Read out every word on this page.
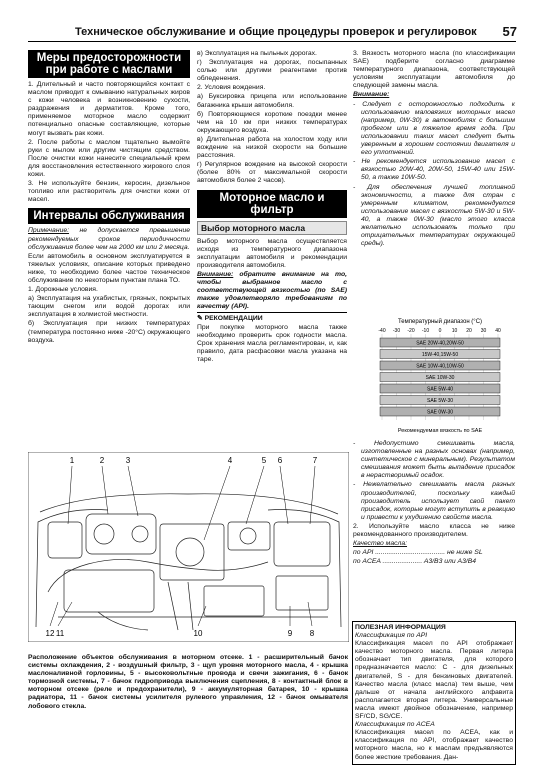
Техническое обслуживание и общие процедуры проверок и регулировок 57
Меры предосторожности при работе с маслами

1. Длительный и часто повторяющийся контакт с маслом приводит к смыванию натуральных жиров с кожи человека и возникновению сухости, раздражения и дерматитов. Кроме того, применяемое моторное масло содержит потенциально опасные составляющие, которые могут вызвать рак кожи.

2. После работы с маслом тщательно вымойте руки с мылом или другим чистящим средством. После очистки кожи нанесите специальный крем для восстановления естественного жирового слоя кожи.

3. Не используйте бензин, керосин, дизельное топливо или растворитель для очистки кожи от масел.

Интервалы обслуживания

Примечание: не допускается превышение рекомендуемых сроков периодичности обслуживания более чем на 2000 км или 2 месяца.

Если автомобиль в основном эксплуатируется в тяжелых условиях, описание которых приведено ниже, то необходимо более частое техническое обслуживание по некоторым пунктам плана ТО.

1. Дорожные условия.

а) Эксплуатация на ухабистых, грязных, покрытых тающим снегом или водой дорогах или эксплуатация в холмистой местности.

б) Эксплуатация при низких температурах (температура постоянно ниже -20°С) окружающего воздуха.

в) Эксплуатация на пыльных дорогах.

г) Эксплуатация на дорогах, посыпанных солью или другими реагентами против обледенения.

2. Условия вождения.

а) Буксировка прицепа или использование багажника крыши автомобиля.

б) Повторяющиеся короткие поездки менее чем на 10 км при низких температурах окружающего воздуха.

в) Длительная работа на холостом ходу или вождение на низкой скорости на большие расстояния.

г) Регулярное вождение на высокой скорости (более 80% от максимальной скорости автомобиля более 2 часов).

Моторное масло и фильтр
Выбор моторного масла

Выбор моторного масла осуществляется исходя из температурного диапазона эксплуатации автомобиля и рекомендации производителя автомобиля.

Внимание: обратите внимание на то, чтобы выбранное масло с соответствующей вязкостью (по SAE) также удовлетворяло требованиям по качеству (API).

✎ РЕКОМЕНДАЦИИ

При покупке моторного масла также необходимо проверить срок годности масла. Срок хранения масла регламентирован, и, как правило, дата расфасовки масла указана на таре.

3. Вязкость моторного масла (по классификации SAE) подберите согласно диаграмме температурного диапазона, соответствующей условиям эксплуатации автомобиля до следующей замены масла.

Внимание:

- Следует с осторожностью подходить к использованию маловязких моторных масел (например, 0W-30) в автомобилях с большим пробегом или в тяжелое время года. При использовании таких масел следует быть уверенным в хорошем состоянии двигателя и его уплотнений.

- Не рекомендуется использование масел с вязкостью 20W-40, 20W-50, 15W-40 или 15W-50, а также 10W-50.

- Для обеспечения лучшей топливной экономичности, а также для стран с умеренным климатом, рекомендуется использование масел с вязкостью 5W-30 и 5W-40, а также 0W-30 (масло этого класса желательно использовать только при отрицательных температурах окружающей среды).

Температурный диапазон (°С)
-40 -30 -20 -10 0 10 20 30 40
SAE 20W-40,20W-50
15W-40,15W-50
SAE 10W-40,10W-50
SAE 10W-30
SAE 5W-40
SAE 5W-30
SAE 0W-30
Рекомендуемая вязкость по SAE

- Недопустимо смешивать масла, изготовленные на разных основах (например, синтетическое с минеральным). Результатом смешивания может быть выпадение присадок в нерастворимый осадок.

- Нежелательно смешивать масла разных производителей, поскольку каждый производитель использует свой пакет присадок, которые могут вступить в реакцию и привести к ухудшению свойств масла.

2. Используйте масло класса не ниже рекомендованного производителем.

Качество масла:

по API ..................................... не ниже SL

по ACEA ..................... A3/B3 или A3/B4

ПОЛЕЗНАЯ ИНФОРМАЦИЯ
Классификация по API
Классификация масел по API отображает качество моторного масла. Первая литера обозначает тип двигателя, для которого предназначается масло: С - для дизельных двигателей, S - для бензиновых двигателей. Качество масла (класс масла) тем выше, чем дальше от начала английского алфавита располагается вторая литера. Универсальные масла имеют двойное обозначение, например SF/CD, SG/CE.
Классификация по ACEA
Классификация масел по ACEA, как и классификация по API, отображает качество моторного масла, но к маслам предъявляются более жесткие требования. Дан-
1	2	3	4	5 6	7
12 11	10	9 8
Расположение объектов обслуживания в моторном отсеке. 1 - расширительный бачок системы охлаждения, 2 - воздушный фильтр, 3 - щуп уровня моторного масла, 4 - крышка маслоналивной горловины, 5 - высоковольтные провода и свечи зажигания, 6 - бачок тормозной системы, 7 - бачок гидропривода выключения сцепления, 8 - контактный блок в моторном отсеке (реле и предохранители), 9 - аккумуляторная батарея, 10 - крышка радиатора, 11 - бачок системы усилителя рулевого управления, 12 - бачок омывателя лобового стекла.
